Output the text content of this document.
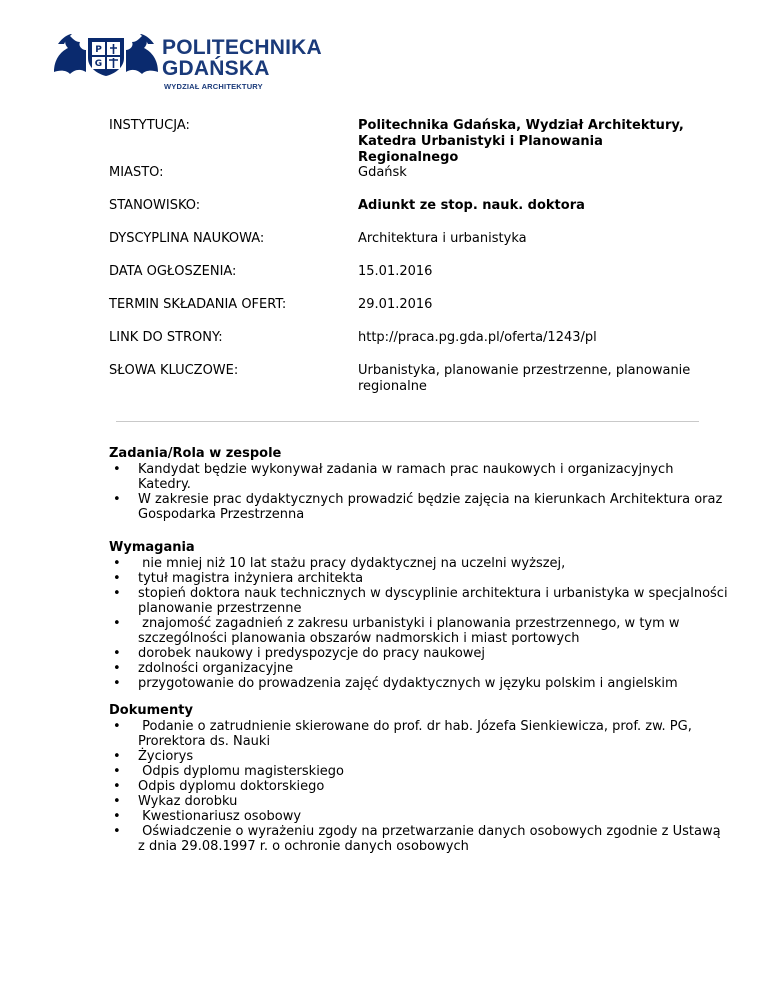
P
G

POLITECHNIKA

GDAŃSKA

WYDZIAŁ ARCHITEKTURY

INSTYTUCJA:	Politechnika Gdańska, Wydział Architektury,
Katedra Urbanistyki i Planowania Regionalnego
MIASTO:	Gdańsk
STANOWISKO:	Adiunkt ze stop. nauk. doktora
DYSCYPLINA NAUKOWA:	Architektura i urbanistyka
DATA OGŁOSZENIA:	15.01.2016
TERMIN SKŁADANIA OFERT:	29.01.2016
LINK DO STRONY:	http://praca.pg.gda.pl/oferta/1243/pl
SŁOWA KLUCZOWE:	Urbanistyka, planowanie przestrzenne, planowanie
regionalne
Zadania/Rola w zespole
• Kandydat będzie wykonywał zadania w ramach prac naukowych i organizacyjnych
Katedry.
• W zakresie prac dydaktycznych prowadzić będzie zajęcia na kierunkach Architektura oraz
Gospodarka Przestrzenna
Wymagania
• nie mniej niż 10 lat stażu pracy dydaktycznej na uczelni wyższej,
• tytuł magistra inżyniera architekta
• stopień doktora nauk technicznych w dyscyplinie architektura i urbanistyka w specjalności
planowanie przestrzenne
• znajomość zagadnień z zakresu urbanistyki i planowania przestrzennego, w tym w
szczególności planowania obszarów nadmorskich i miast portowych
• dorobek naukowy i predyspozycje do pracy naukowej
• zdolności organizacyjne
• przygotowanie do prowadzenia zajęć dydaktycznych w języku polskim i angielskim
Dokumenty
• Podanie o zatrudnienie skierowane do prof. dr hab. Józefa Sienkiewicza, prof. zw. PG,
Prorektora ds. Nauki
• Życiorys
• Odpis dyplomu magisterskiego
• Odpis dyplomu doktorskiego
• Wykaz dorobku
• Kwestionariusz osobowy
• Oświadczenie o wyrażeniu zgody na przetwarzanie danych osobowych zgodnie z Ustawą
z dnia 29.08.1997 r. o ochronie danych osobowych
